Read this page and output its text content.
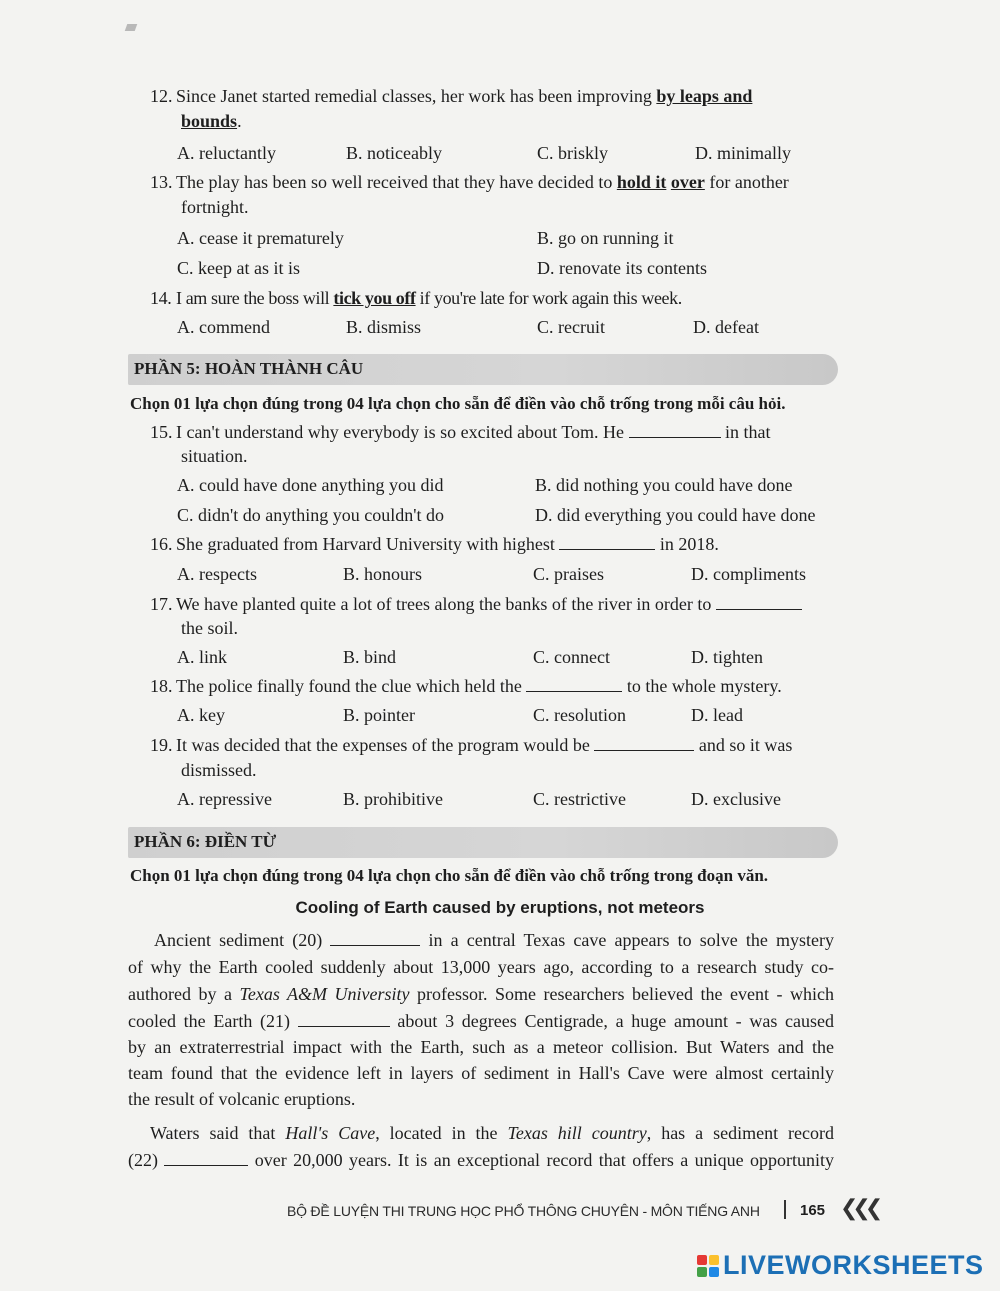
12. Since Janet started remedial classes, her work has been improving by leaps and
bounds.
A. reluctantly	B. noticeably	C. briskly	D. minimally
13. The play has been so well received that they have decided to hold it over for another
fortnight.
A. cease it prematurely	B. go on running it
C. keep at as it is	D. renovate its contents
14. I am sure the boss will tick you off if you're late for work again this week.
A. commend	B. dismiss	C. recruit	D. defeat
PHẦN 5: HOÀN THÀNH CÂU
Chọn 01 lựa chọn đúng trong 04 lựa chọn cho sẵn để điền vào chỗ trống trong mỗi câu hỏi.
15. I can't understand why everybody is so excited about Tom. He	in that
situation.
A. could have done anything you did	B. did nothing you could have done
C. didn't do anything you couldn't do	D. did everything you could have done
16. She graduated from Harvard University with highest	in 2018.
A. respects	B. honours	C. praises	D. compliments
17. We have planted quite a lot of trees along the banks of the river in order to
the soil.
A. link	B. bind	C. connect	D. tighten
18. The police finally found the clue which held the	to the whole mystery.
A. key	B. pointer	C. resolution	D. lead
19. It was decided that the expenses of the program would be	and so it was
dismissed.
A. repressive	B. prohibitive	C. restrictive	D. exclusive
PHẦN 6: ĐIỀN TỪ
Chọn 01 lựa chọn đúng trong 04 lựa chọn cho sẵn để điền vào chỗ trống trong đoạn văn.
Cooling of Earth caused by eruptions, not meteors
Ancient sediment (20)	in a central Texas cave appears to solve the mystery
of why the Earth cooled suddenly about 13,000 years ago, according to a research study co-
authored by a Texas A&M University professor. Some researchers believed the event - which
cooled the Earth (21)	about 3 degrees Centigrade, a huge amount - was caused
by an extraterrestrial impact with the Earth, such as a meteor collision. But Waters and the
team found that the evidence left in layers of sediment in Hall's Cave were almost certainly
the result of volcanic eruptions.
Waters said that Hall's Cave, located in the Texas hill country, has a sediment record
(22)	over 20,000 years. It is an exceptional record that offers a unique opportunity
BỘ ĐỀ LUYỆN THI TRUNG HỌC PHỔ THÔNG CHUYÊN - MÔN TIẾNG ANH	165 ❮❮❮
LIVEWORKSHEETS
